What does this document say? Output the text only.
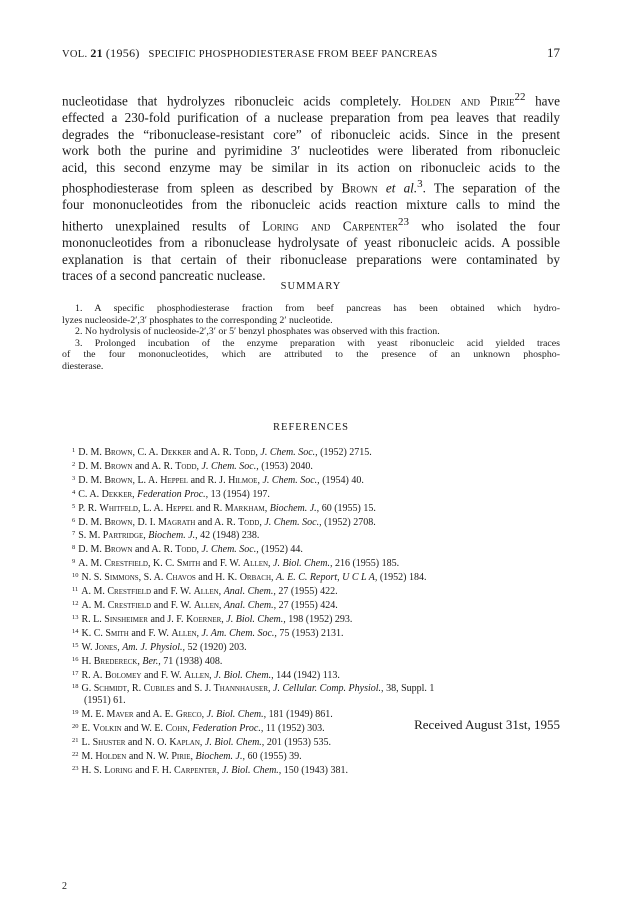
VOL. 21 (1956) SPECIFIC PHOSPHODIESTERASE FROM BEEF PANCREAS	17
nucleotidase that hydrolyzes ribonucleic acids completely. Holden and Pirie$^{22}$ have
effected a 230-fold purification of a nuclease preparation from pea leaves that readily
degrades the “ribonuclease-resistant core” of ribonucleic acids. Since in the present
work both the purine and pyrimidine 3′ nucleotides were liberated from ribonucleic
acid, this second enzyme may be similar in its action on ribonucleic acids to the
phosphodiesterase from spleen as described by Brown et al.$^3$. The separation of the
four mononucleotides from the ribonucleic acids reaction mixture calls to mind the
hitherto unexplained results of Loring and Carpenter$^{23}$ who isolated the four
mononucleotides from a ribonuclease hydrolysate of yeast ribonucleic acids. A possible
explanation is that certain of their ribonuclease preparations were contaminated by
traces of a second pancreatic nuclease.
SUMMARY
1. A specific phosphodiesterase fraction from beef pancreas has been obtained which hydro-
lyzes nucleoside-2′,3′ phosphates to the corresponding 2′ nucleotide.
2. No hydrolysis of nucleoside-2′,3′ or 5′ benzyl phosphates was observed with this fraction.
3. Prolonged incubation of the enzyme preparation with yeast ribonucleic acid yielded traces
of the four mononucleotides, which are attributed to the presence of an unknown phospho-
diesterase.
REFERENCES
$^1$ D. M. Brown, C. A. Dekker and A. R. Todd, J. Chem. Soc., (1952) 2715.
$^2$ D. M. Brown and A. R. Todd, J. Chem. Soc., (1953) 2040.
$^3$ D. M. Brown, L. A. Heppel and R. J. Hilmoe, J. Chem. Soc., (1954) 40.
$^4$ C. A. Dekker, Federation Proc., 13 (1954) 197.
$^5$ P. R. Whitfeld, L. A. Heppel and R. Markham, Biochem. J., 60 (1955) 15.
$^6$ D. M. Brown, D. I. Magrath and A. R. Todd, J. Chem. Soc., (1952) 2708.
$^7$ S. M. Partridge, Biochem. J., 42 (1948) 238.
$^8$ D. M. Brown and A. R. Todd, J. Chem. Soc., (1952) 44.
$^9$ A. M. Crestfield, K. C. Smith and F. W. Allen, J. Biol. Chem., 216 (1955) 185.
$^{10}$ N. S. Simmons, S. A. Chavos and H. K. Orbach, A. E. C. Report, U C L A, (1952) 184.
$^{11}$ A. M. Crestfield and F. W. Allen, Anal. Chem., 27 (1955) 422.
$^{12}$ A. M. Crestfield and F. W. Allen, Anal. Chem., 27 (1955) 424.
$^{13}$ R. L. Sinsheimer and J. F. Koerner, J. Biol. Chem., 198 (1952) 293.
$^{14}$ K. C. Smith and F. W. Allen, J. Am. Chem. Soc., 75 (1953) 2131.
$^{15}$ W. Jones, Am. J. Physiol., 52 (1920) 203.
$^{16}$ H. Bredereck, Ber., 71 (1938) 408.
$^{17}$ R. A. Bolomey and F. W. Allen, J. Biol. Chem., 144 (1942) 113.
$^{18}$ G. Schmidt, R. Cubiles and S. J. Thannhauser, J. Cellular. Comp. Physiol., 38, Suppl. 1
(1951) 61.
$^{19}$ M. E. Maver and A. E. Greco, J. Biol. Chem., 181 (1949) 861.
$^{20}$ E. Volkin and W. E. Cohn, Federation Proc., 11 (1952) 303.
$^{21}$ L. Shuster and N. O. Kaplan, J. Biol. Chem., 201 (1953) 535.
$^{22}$ M. Holden and N. W. Pirie, Biochem. J., 60 (1955) 39.
$^{23}$ H. S. Loring and F. H. Carpenter, J. Biol. Chem., 150 (1943) 381.
Received August 31st, 1955
2
